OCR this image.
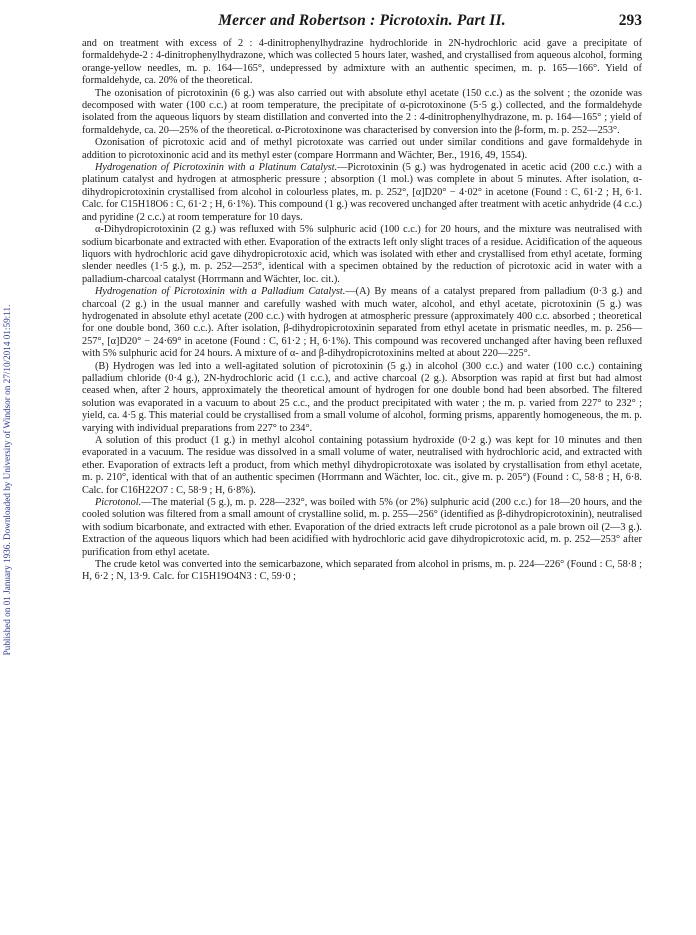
Published on 01 January 1936. Downloaded by University of Windsor on 27/10/2014 01:59:11.
Mercer and Robertson : Picrotoxin. Part II.	293

and on treatment with excess of 2 : 4-dinitrophenylhydrazine hydrochloride in 2N-hydrochloric acid gave a precipitate of formaldehyde-2 : 4-dinitrophenylhydrazone, which was collected 5 hours later, washed, and crystallised from aqueous alcohol, forming orange-yellow needles, m. p. 164—165°, undepressed by admixture with an authentic specimen, m. p. 165—166°. Yield of formaldehyde, ca. 20% of the theoretical.

The ozonisation of picrotoxinin (6 g.) was also carried out with absolute ethyl acetate (150 c.c.) as the solvent ; the ozonide was decomposed with water (100 c.c.) at room temperature, the precipitate of α-picrotoxinone (5·5 g.) collected, and the formaldehyde isolated from the aqueous liquors by steam distillation and converted into the 2 : 4-dinitrophenylhydrazone, m. p. 164—165° ; yield of formaldehyde, ca. 20—25% of the theoretical. α-Picrotoxinone was characterised by conversion into the β-form, m. p. 252—253°.

Ozonisation of picrotoxic acid and of methyl picrotoxate was carried out under similar conditions and gave formaldehyde in addition to picrotoxinonic acid and its methyl ester (compare Horrmann and Wächter, Ber., 1916, 49, 1554).

Hydrogenation of Picrotoxinin with a Platinum Catalyst.—Picrotoxinin (5 g.) was hydrogenated in acetic acid (200 c.c.) with a platinum catalyst and hydrogen at atmospheric pressure ; absorption (1 mol.) was complete in about 5 minutes. After isolation, α-dihydropicrotoxinin crystallised from alcohol in colourless plates, m. p. 252°, [α]D20° − 4·02° in acetone (Found : C, 61·2 ; H, 6·1. Calc. for C15H18O6 : C, 61·2 ; H, 6·1%). This compound (1 g.) was recovered unchanged after treatment with acetic anhydride (4 c.c.) and pyridine (2 c.c.) at room temperature for 10 days.

α-Dihydropicrotoxinin (2 g.) was refluxed with 5% sulphuric acid (100 c.c.) for 20 hours, and the mixture was neutralised with sodium bicarbonate and extracted with ether. Evaporation of the extracts left only slight traces of a residue. Acidification of the aqueous liquors with hydrochloric acid gave dihydropicrotoxic acid, which was isolated with ether and crystallised from ethyl acetate, forming slender needles (1·5 g.), m. p. 252—253°, identical with a specimen obtained by the reduction of picrotoxic acid in water with a palladium-charcoal catalyst (Horrmann and Wächter, loc. cit.).

Hydrogenation of Picrotoxinin with a Palladium Catalyst.—(A) By means of a catalyst prepared from palladium (0·3 g.) and charcoal (2 g.) in the usual manner and carefully washed with much water, alcohol, and ethyl acetate, picrotoxinin (5 g.) was hydrogenated in absolute ethyl acetate (200 c.c.) with hydrogen at atmospheric pressure (approximately 400 c.c. absorbed ; theoretical for one double bond, 360 c.c.). After isolation, β-dihydropicrotoxinin separated from ethyl acetate in prismatic needles, m. p. 256—257°, [α]D20° − 24·69° in acetone (Found : C, 61·2 ; H, 6·1%). This compound was recovered unchanged after having been refluxed with 5% sulphuric acid for 24 hours. A mixture of α- and β-dihydropicrotoxinins melted at about 220—225°.

(B) Hydrogen was led into a well-agitated solution of picrotoxinin (5 g.) in alcohol (300 c.c.) and water (100 c.c.) containing palladium chloride (0·4 g.), 2N-hydrochloric acid (1 c.c.), and active charcoal (2 g.). Absorption was rapid at first but had almost ceased when, after 2 hours, approximately the theoretical amount of hydrogen for one double bond had been absorbed. The filtered solution was evaporated in a vacuum to about 25 c.c., and the product precipitated with water ; the m. p. varied from 227° to 232° ; yield, ca. 4·5 g. This material could be crystallised from a small volume of alcohol, forming prisms, apparently homogeneous, the m. p. varying with individual preparations from 227° to 234°.

A solution of this product (1 g.) in methyl alcohol containing potassium hydroxide (0·2 g.) was kept for 10 minutes and then evaporated in a vacuum. The residue was dissolved in a small volume of water, neutralised with hydrochloric acid, and extracted with ether. Evaporation of extracts left a product, from which methyl dihydropicrotoxate was isolated by crystallisation from ethyl acetate, m. p. 210°, identical with that of an authentic specimen (Horrmann and Wächter, loc. cit., give m. p. 205°) (Found : C, 58·8 ; H, 6·8. Calc. for C16H22O7 : C, 58·9 ; H, 6·8%).

Picrotonol.—The material (5 g.), m. p. 228—232°, was boiled with 5% (or 2%) sulphuric acid (200 c.c.) for 18—20 hours, and the cooled solution was filtered from a small amount of crystalline solid, m. p. 255—256° (identified as β-dihydropicrotoxinin), neutralised with sodium bicarbonate, and extracted with ether. Evaporation of the dried extracts left crude picrotonol as a pale brown oil (2—3 g.). Extraction of the aqueous liquors which had been acidified with hydrochloric acid gave dihydropicrotoxic acid, m. p. 252—253° after purification from ethyl acetate.

The crude ketol was converted into the semicarbazone, which separated from alcohol in prisms, m. p. 224—226° (Found : C, 58·8 ; H, 6·2 ; N, 13·9. Calc. for C15H19O4N3 : C, 59·0 ;
